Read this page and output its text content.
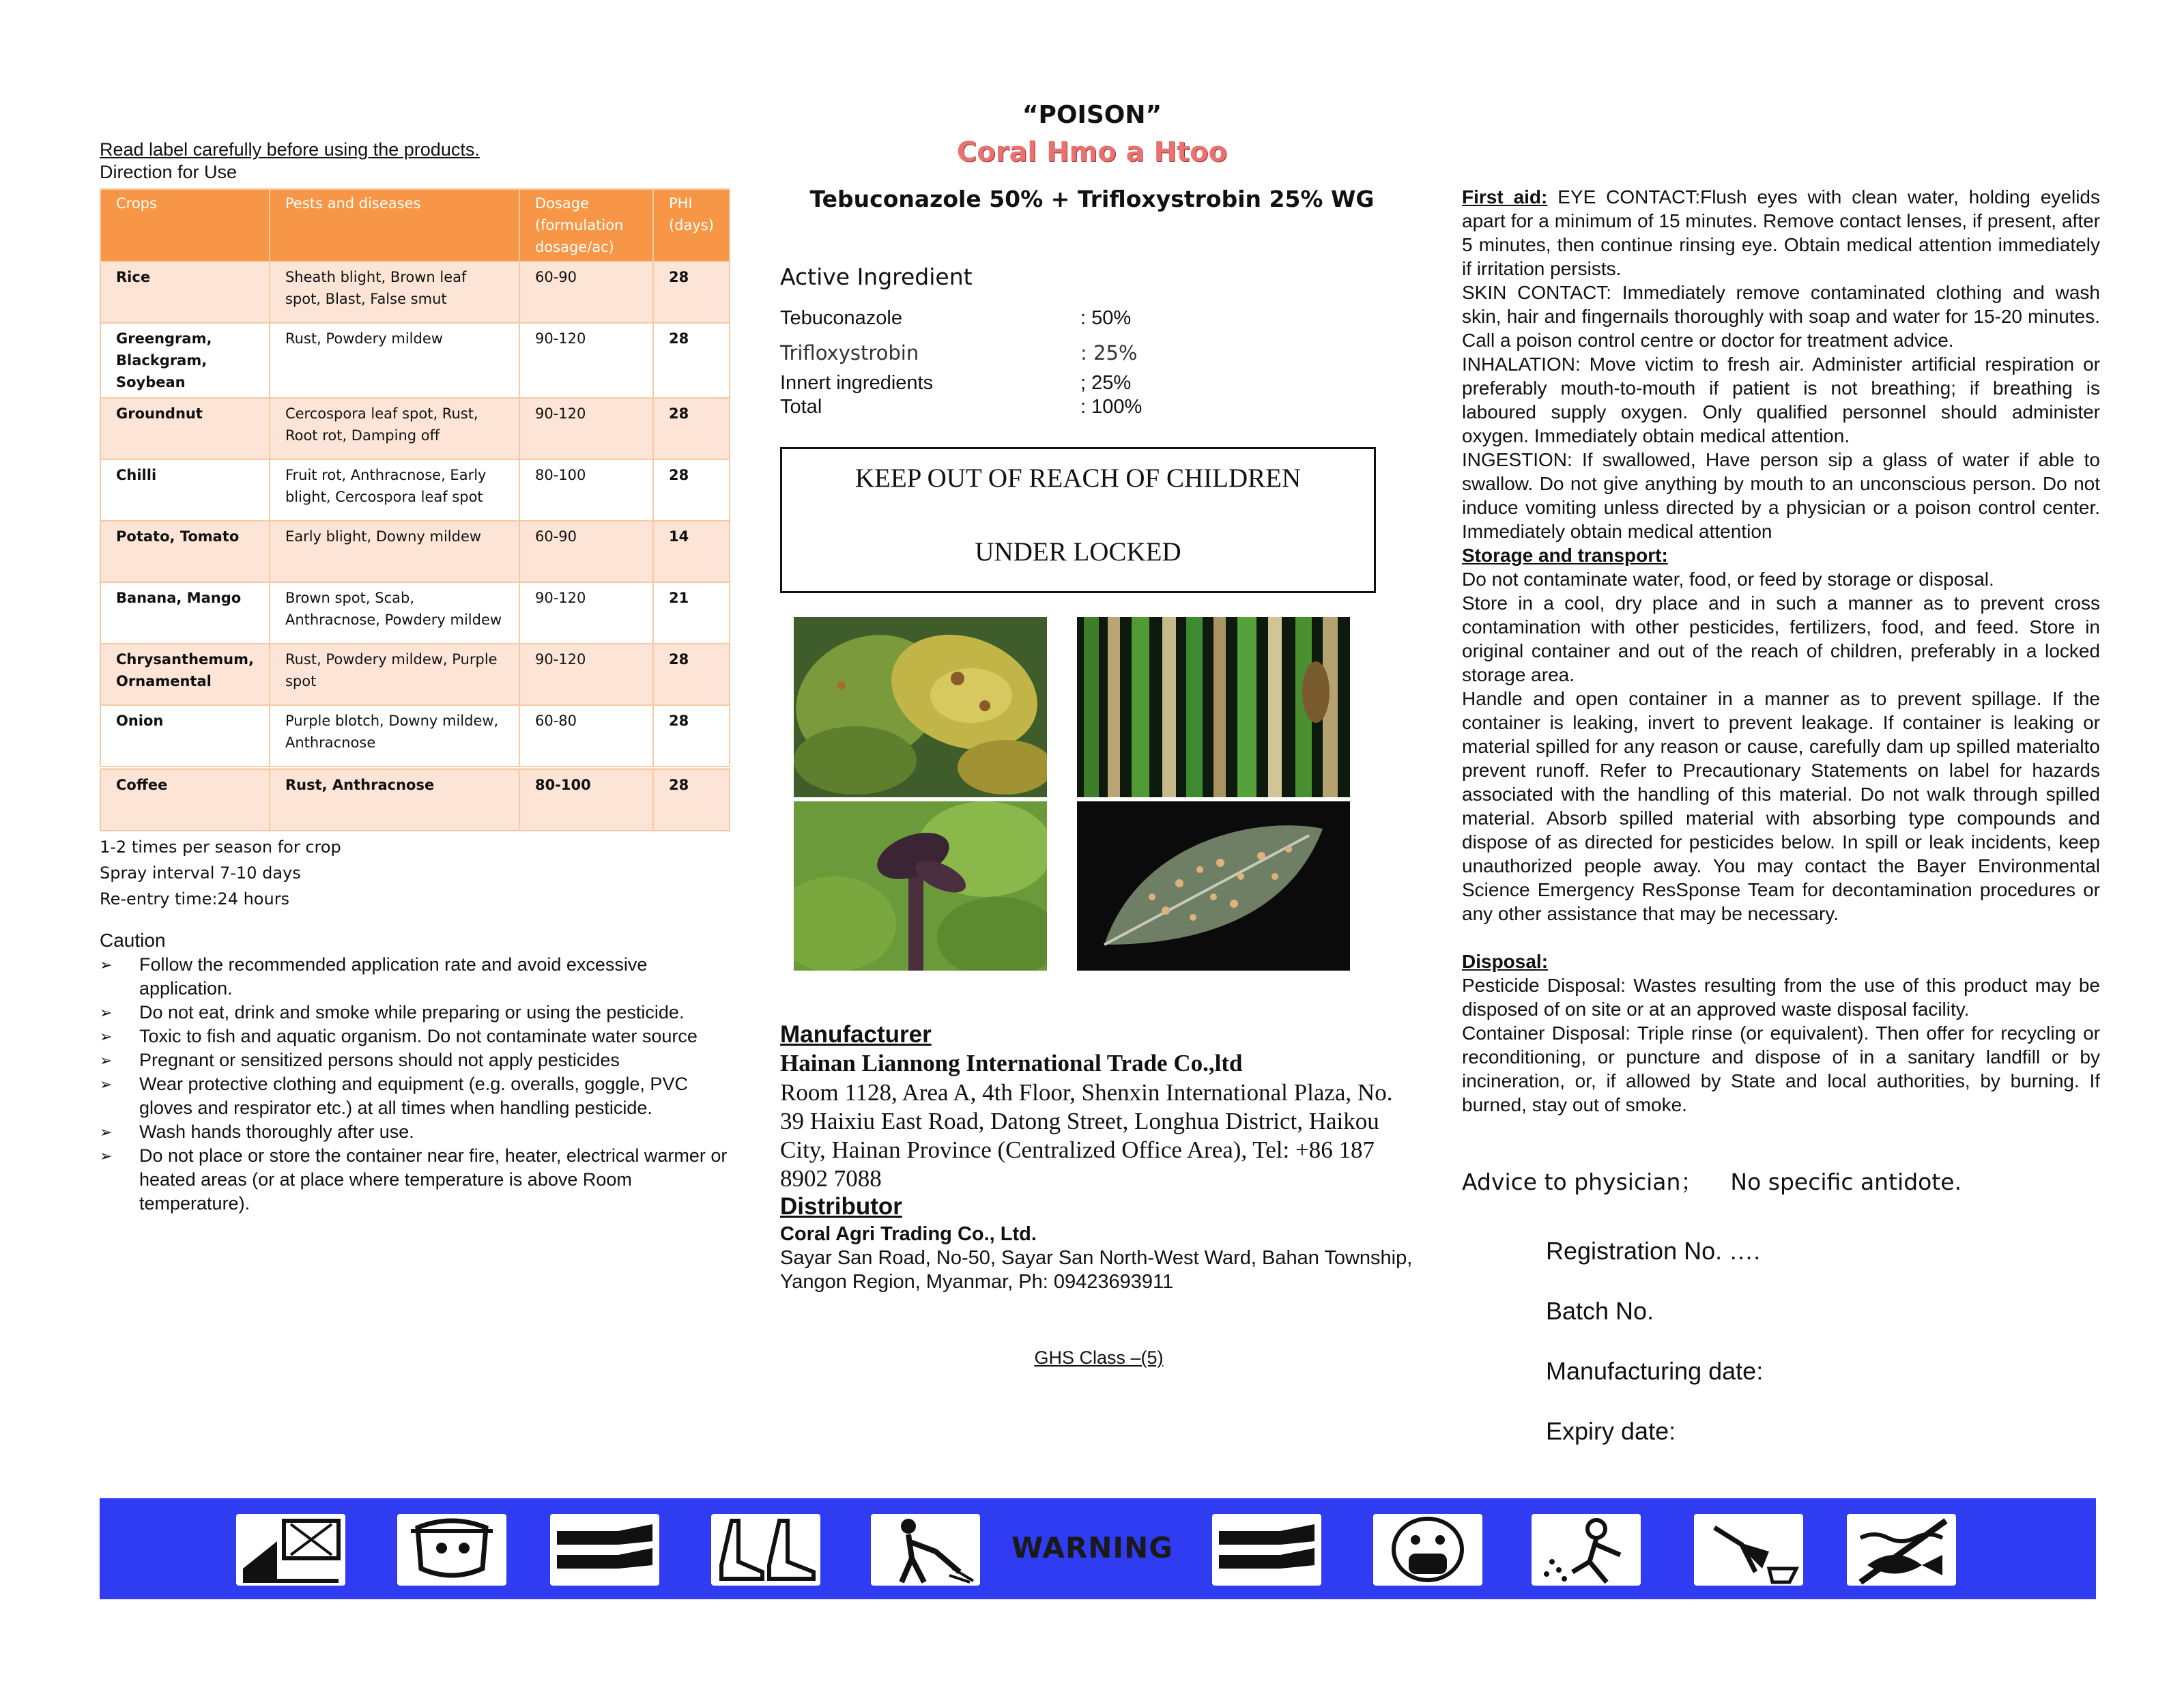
Read label carefully before using the products.
Direction for Use
Crops	Pests and diseases	Dosage (formulation dosage/ac)	PHI (days)
Rice	Sheath blight, Brown leaf spot, Blast, False smut	60-90	28
Greengram, Blackgram, Soybean	Rust, Powdery mildew	90-120	28
Groundnut	Cercospora leaf spot, Rust, Root rot, Damping off	90-120	28
Chilli	Fruit rot, Anthracnose, Early blight, Cercospora leaf spot	80-100	28
Potato, Tomato	Early blight, Downy mildew	60-90	14
Banana, Mango	Brown spot, Scab, Anthracnose, Powdery mildew	90-120	21
Chrysanthemum, Ornamental	Rust, Powdery mildew, Purple spot	90-120	28
Onion	Purple blotch, Downy mildew, Anthracnose	60-80	28
Coffee	Rust, Anthracnose	80-100	28
1-2 times per season for crop
Spray interval 7-10 days
Re-entry time:24 hours
Caution
➢ Follow the recommended application rate and avoid excessive application.
➢ Do not eat, drink and smoke while preparing or using the pesticide.
➢ Toxic to fish and aquatic organism. Do not contaminate water source
➢ Pregnant or sensitized persons should not apply pesticides
➢ Wear protective clothing and equipment (e.g. overalls, goggle, PVC gloves and respirator etc.) at all times when handling pesticide.
➢ Wash hands thoroughly after use.
➢ Do not place or store the container near fire, heater, electrical warmer or heated areas (or at place where temperature is above Room temperature).
“POISON”
Coral Hmo a Htoo
Tebuconazole 50% + Trifloxystrobin 25% WG
Active Ingredient
Tebuconazole	: 50%
Trifloxystrobin	: 25%
Innert ingredients	; 25%
Total	: 100%
KEEP OUT OF REACH OF CHILDREN
UNDER LOCKED
Manufacturer
Hainan Liannong International Trade Co.,ltd
Room 1128, Area A, 4th Floor, Shenxin International Plaza, No. 39 Haixiu East Road, Datong Street, Longhua District, Haikou City, Hainan Province (Centralized Office Area), Tel: +86 187 8902 7088
Distributor
Coral Agri Trading Co., Ltd.
Sayar San Road, No-50, Sayar San North-West Ward, Bahan Township, Yangon Region, Myanmar, Ph: 09423693911
GHS Class –(5)

First aid: EYE CONTACT:Flush eyes with clean water, holding eyelids apart for a minimum of 15 minutes. Remove contact lenses, if present, after 5 minutes, then continue rinsing eye. Obtain medical attention immediately if irritation persists.

SKIN CONTACT: Immediately remove contaminated clothing and wash skin, hair and fingernails thoroughly with soap and water for 15-20 minutes. Call a poison control centre or doctor for treatment advice.

INHALATION: Move victim to fresh air. Administer artificial respiration or preferably mouth-to-mouth if patient is not breathing; if breathing is laboured supply oxygen. Only qualified personnel should administer oxygen. Immediately obtain medical attention.

INGESTION: If swallowed, Have person sip a glass of water if able to swallow. Do not give anything by mouth to an unconscious person. Do not induce vomiting unless directed by a physician or a poison control center. Immediately obtain medical attention

Storage and transport:

Do not contaminate water, food, or feed by storage or disposal.

Store in a cool, dry place and in such a manner as to prevent cross contamination with other pesticides, fertilizers, food, and feed. Store in original container and out of the reach of children, preferably in a locked storage area.

Handle and open container in a manner as to prevent spillage. If the container is leaking, invert to prevent leakage. If container is leaking or material spilled for any reason or cause, carefully dam up spilled materialto prevent runoff. Refer to Precautionary Statements on label for hazards associated with the handling of this material. Do not walk through spilled material. Absorb spilled material with absorbing type compounds and dispose of as directed for pesticides below. In spill or leak incidents, keep unauthorized people away. You may contact the Bayer Environmental Science Emergency ResSponse Team for decontamination procedures or any other assistance that may be necessary.

Disposal:

Pesticide Disposal: Wastes resulting from the use of this product may be disposed of on site or at an approved waste disposal facility.

Container Disposal: Triple rinse (or equivalent). Then offer for recycling or reconditioning, or puncture and dispose of in a sanitary landfill or by incineration, or, if allowed by State and local authorities, by burning. If burned, stay out of smoke.

Advice to physician； No specific antidote.
Registration No. ….
Batch No.
Manufacturing date:
Expiry date:
WARNING
